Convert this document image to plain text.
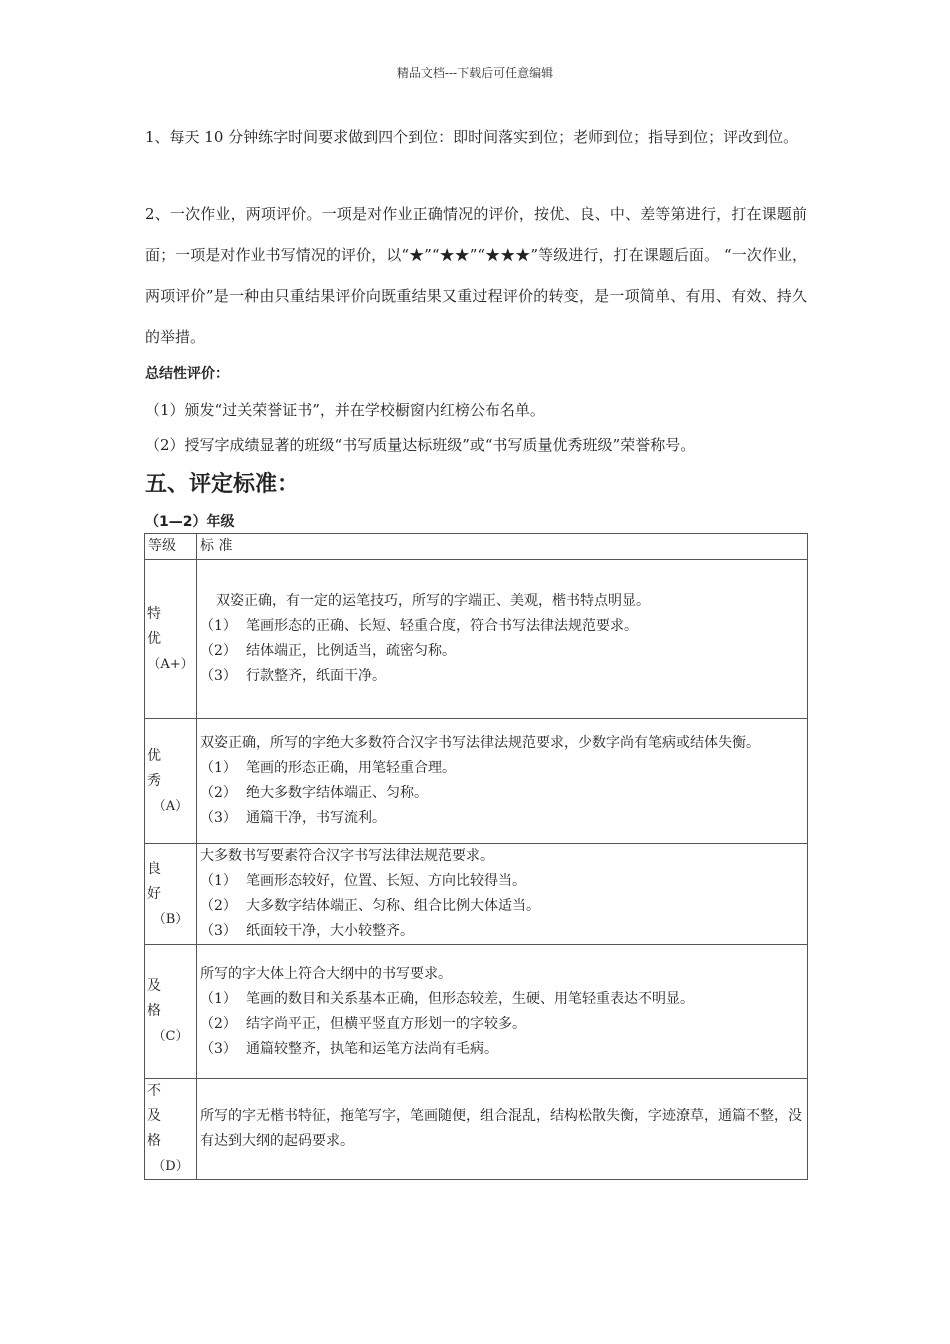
精品文档---下载后可任意编辑

1、每天 10 分钟练字时间要求做到四个到位：即时间落实到位；老师到位；指导到位；评改到位。

2、一次作业，两项评价。一项是对作业正确情况的评价，按优、良、中、差等第进行，打在课题前面；一项是对作业书写情况的评价，以“★”“★★”“★★★”等级进行，打在课题后面。 “一次作业，两项评价”是一种由只重结果评价向既重结果又重过程评价的转变，是一项简单、有用、有效、持久的举措。

总结性评价：

（1）颁发“过关荣誉证书”，并在学校橱窗内红榜公布名单。

（2）授写字成绩显著的班级“书写质量达标班级”或“书写质量优秀班级”荣誉称号。

五、评定标准：
（1—2）年级
等级	标 准

特
优
（A+）	双姿正确，有一定的运笔技巧，所写的字端正、美观，楷书特点明显。
（1） 笔画形态的正确、长短、轻重合度，符合书写法律法规范要求。
（2） 结体端正，比例适当，疏密匀称。
（3） 行款整齐，纸面干净。

优
秀
（A）	双姿正确，所写的字绝大多数符合汉字书写法律法规范要求，少数字尚有笔病或结体失衡。
（1） 笔画的形态正确，用笔轻重合理。
（2） 绝大多数字结体端正、匀称。
（3） 通篇干净，书写流利。

良
好
（B）	大多数书写要素符合汉字书写法律法规范要求。
（1） 笔画形态较好，位置、长短、方向比较得当。
（2） 大多数字结体端正、匀称、组合比例大体适当。
（3） 纸面较干净，大小较整齐。

及
格
（C）	所写的字大体上符合大纲中的书写要求。
（1） 笔画的数目和关系基本正确，但形态较差，生硬、用笔轻重表达不明显。
（2） 结字尚平正，但横平竖直方形划一的字较多。
（3） 通篇较整齐，执笔和运笔方法尚有毛病。

不
及
格
（D）	所写的字无楷书特征，拖笔写字，笔画随便，组合混乱，结构松散失衡，字迹潦草，通篇不整，没有达到大纲的起码要求。
